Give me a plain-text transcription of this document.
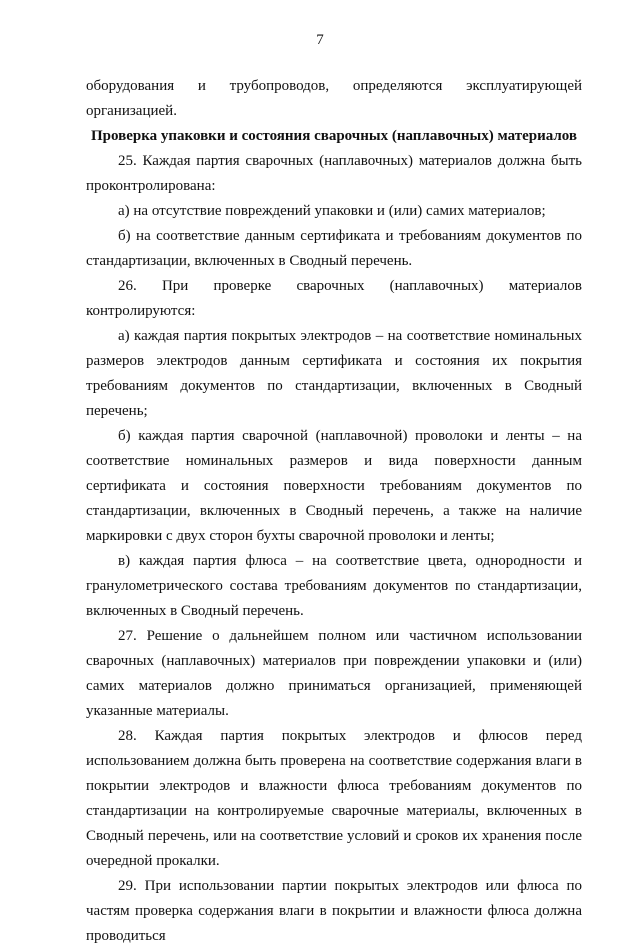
7

оборудования и трубопроводов, определяются эксплуатирующей организацией.

Проверка упаковки и состояния сварочных (наплавочных) материалов

25. Каждая партия сварочных (наплавочных) материалов должна быть проконтролирована:

а) на отсутствие повреждений упаковки и (или) самих материалов;

б) на соответствие данным сертификата и требованиям документов по стандартизации, включенных в Сводный перечень.

26. При проверке сварочных (наплавочных) материалов контролируются:

а) каждая партия покрытых электродов – на соответствие номинальных размеров электродов данным сертификата и состояния их покрытия требованиям документов по стандартизации, включенных в Сводный перечень;

б) каждая партия сварочной (наплавочной) проволоки и ленты – на соответствие номинальных размеров и вида поверхности данным сертификата и состояния поверхности требованиям документов по стандартизации, включенных в Сводный перечень, а также на наличие маркировки с двух сторон бухты сварочной проволоки и ленты;

в) каждая партия флюса – на соответствие цвета, однородности и гранулометрического состава требованиям документов по стандартизации, включенных в Сводный перечень.

27. Решение о дальнейшем полном или частичном использовании сварочных (наплавочных) материалов при повреждении упаковки и (или) самих материалов должно приниматься организацией, применяющей указанные материалы.

28. Каждая партия покрытых электродов и флюсов перед использованием должна быть проверена на соответствие содержания влаги в покрытии электродов и влажности флюса требованиям документов по стандартизации на контролируемые сварочные материалы, включенных в Сводный перечень, или на соответствие условий и сроков их хранения после очередной прокалки.

29. При использовании партии покрытых электродов или флюса по частям проверка содержания влаги в покрытии и влажности флюса должна проводиться
